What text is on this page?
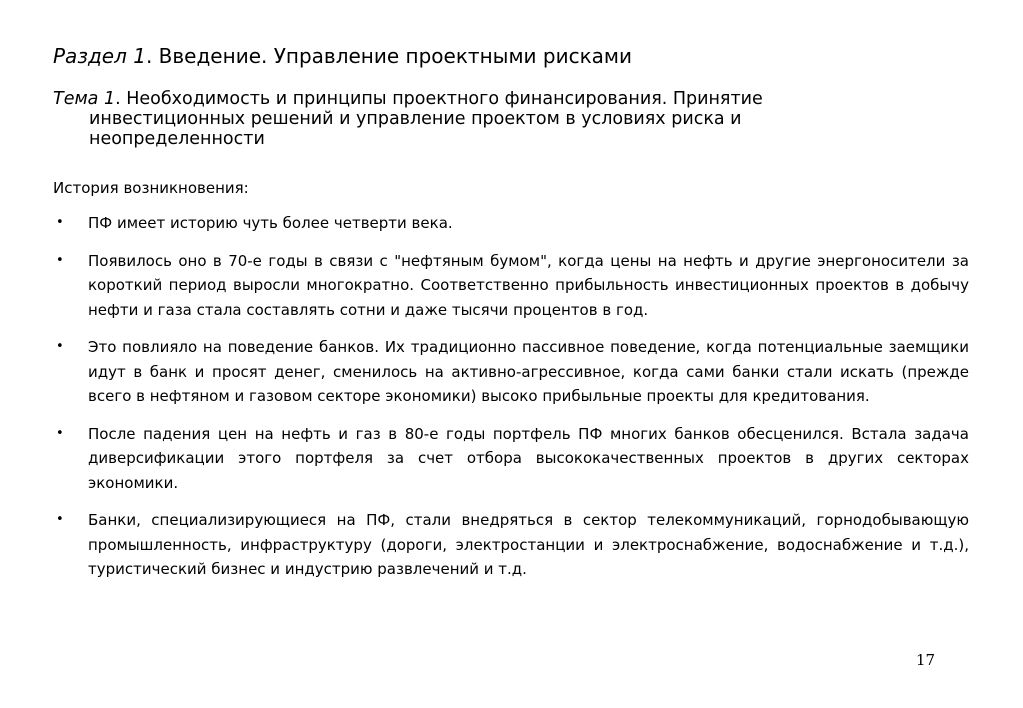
Раздел 1. Введение. Управление проектными рисками
Тема 1. Необходимость и принципы проектного финансирования. Принятие
инвестиционных решений и управление проектом в условиях риска и
неопределенности
История возникновения:
• ПФ имеет историю чуть более четверти века.
• Появилось оно в 70-е годы в связи с "нефтяным бумом", когда цены на нефть и другие энергоносители за короткий период выросли многократно. Соответственно прибыльность инвестиционных проектов в добычу нефти и газа стала составлять сотни и даже тысячи процентов в год.
• Это повлияло на поведение банков. Их традиционно пассивное поведение, когда потенциальные заемщики идут в банк и просят денег, сменилось на активно-агрессивное, когда сами банки стали искать (прежде всего в нефтяном и газовом секторе экономики) высоко прибыльные проекты для кредитования.
• После падения цен на нефть и газ в 80-е годы портфель ПФ многих банков обесценился. Встала задача диверсификации этого портфеля за счет отбора высококачественных проектов в других секторах экономики.
• Банки, специализирующиеся на ПФ, стали внедряться в сектор телекоммуникаций, горнодобывающую промышленность, инфраструктуру (дороги, электростанции и электроснабжение, водоснабжение и т.д.), туристический бизнес и индустрию развлечений и т.д.
17
